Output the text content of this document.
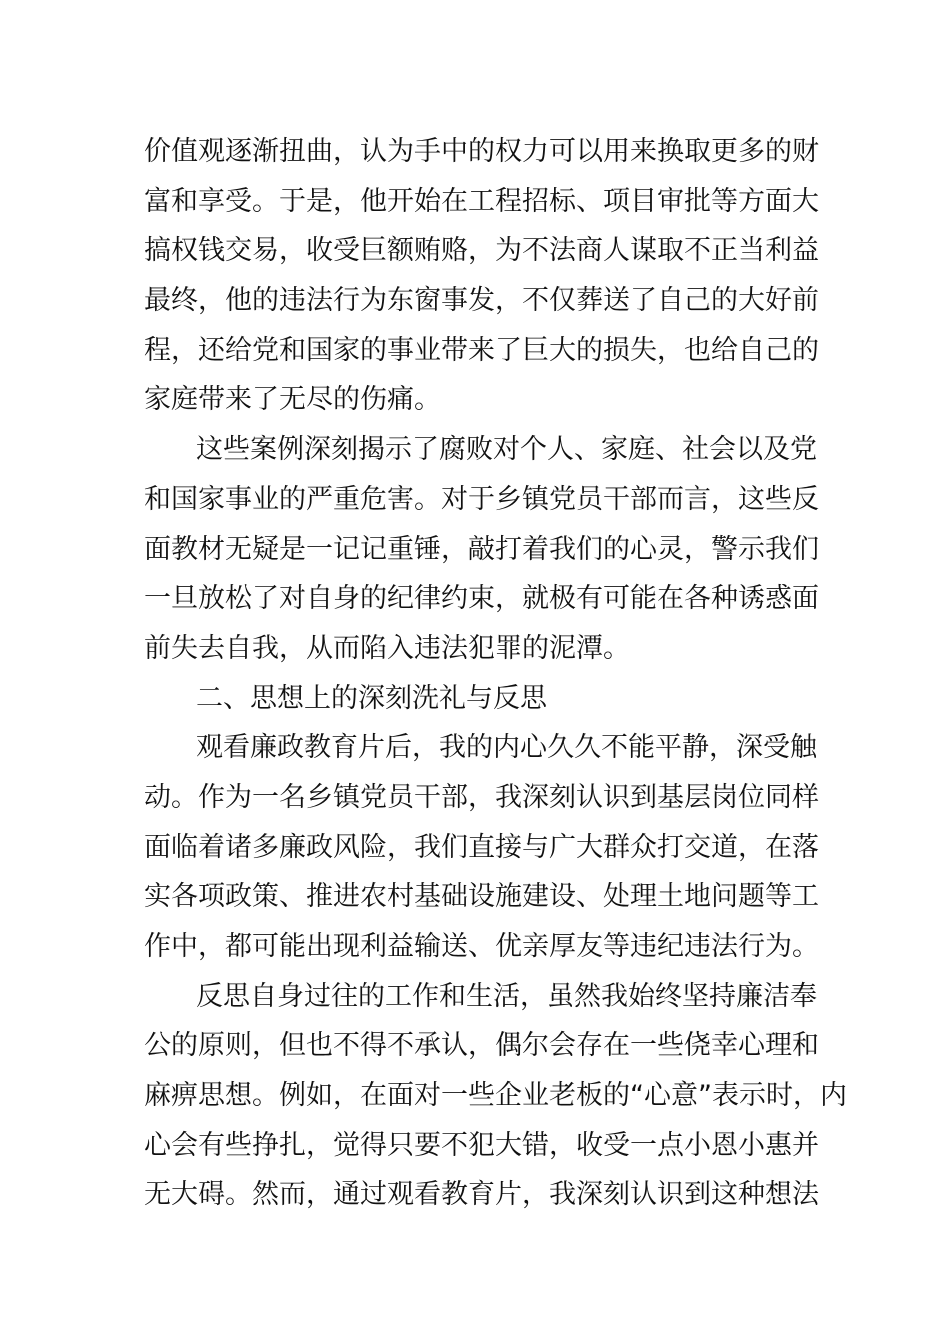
价值观逐渐扭曲，认为手中的权力可以用来换取更多的财
富和享受。于是，他开始在工程招标、项目审批等方面大
搞权钱交易，收受巨额贿赂，为不法商人谋取不正当利益
最终，他的违法行为东窗事发，不仅葬送了自己的大好前
程，还给党和国家的事业带来了巨大的损失，也给自己的
家庭带来了无尽的伤痛。
这些案例深刻揭示了腐败对个人、家庭、社会以及党
和国家事业的严重危害。对于乡镇党员干部而言，这些反
面教材无疑是一记记重锤，敲打着我们的心灵，警示我们
一旦放松了对自身的纪律约束，就极有可能在各种诱惑面
前失去自我，从而陷入违法犯罪的泥潭。
二、思想上的深刻洗礼与反思
观看廉政教育片后，我的内心久久不能平静，深受触
动。作为一名乡镇党员干部，我深刻认识到基层岗位同样
面临着诸多廉政风险，我们直接与广大群众打交道，在落
实各项政策、推进农村基础设施建设、处理土地问题等工
作中，都可能出现利益输送、优亲厚友等违纪违法行为。
反思自身过往的工作和生活，虽然我始终坚持廉洁奉
公的原则，但也不得不承认，偶尔会存在一些侥幸心理和
麻痹思想。例如，在面对一些企业老板的“心意”表示时，内
心会有些挣扎，觉得只要不犯大错，收受一点小恩小惠并
无大碍。然而，通过观看教育片，我深刻认识到这种想法
